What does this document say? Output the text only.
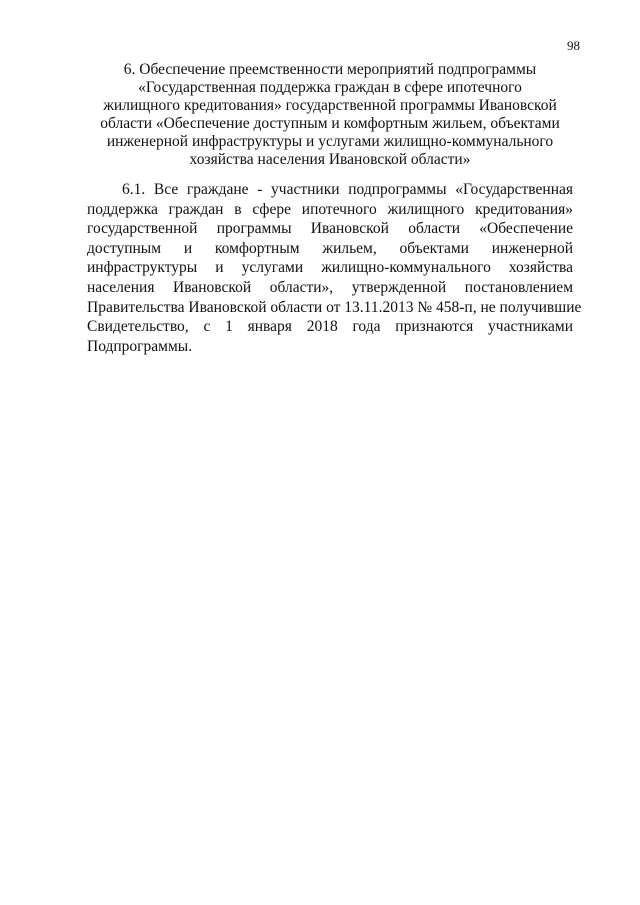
98
6. Обеспечение преемственности мероприятий подпрограммы
«Государственная поддержка граждан в сфере ипотечного
жилищного кредитования» государственной программы Ивановской
области «Обеспечение доступным и комфортным жильем, объектами
инженерной инфраструктуры и услугами жилищно-коммунального
хозяйства населения Ивановской области»
6.1. Все граждане - участники подпрограммы «Государственная
поддержка граждан в сфере ипотечного жилищного кредитования»
государственной программы Ивановской области «Обеспечение
доступным и комфортным жильем, объектами инженерной
инфраструктуры и услугами жилищно-коммунального хозяйства
населения Ивановской области», утвержденной постановлением
Правительства Ивановской области от 13.11.2013 № 458-п, не получившие
Свидетельство, с 1 января 2018 года признаются участниками
Подпрограммы.
